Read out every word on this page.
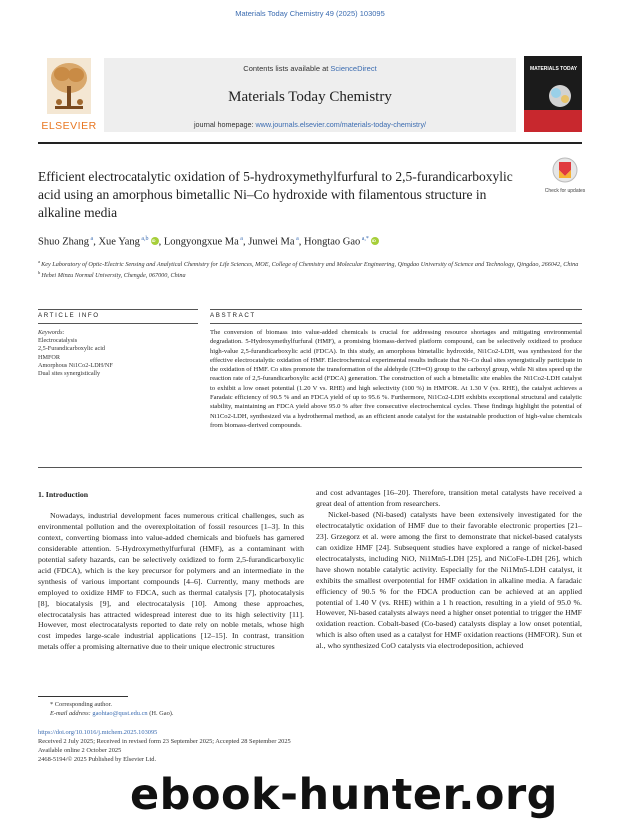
Materials Today Chemistry 49 (2025) 103095
ELSEVIER
Contents lists available at ScienceDirect
Materials Today Chemistry
journal homepage: www.journals.elsevier.com/materials-today-chemistry/
MATERIALS TODAY
Efficient electrocatalytic oxidation of 5-hydroxymethylfurfural to 2,5-furandicarboxylic acid using an amorphous bimetallic Ni–Co hydroxide with filamentous structure in alkaline media
Check for updates
Shuo Zhang $^a$, Xue Yang $^{a,b}$iD , Longyongxue Ma $^a$, Junwei Ma $^a$, Hongtao Gao $^{a,*}$iD
$^a$ Key Laboratory of Optic-Electric Sensing and Analytical Chemistry for Life Sciences, MOE, College of Chemistry and Molecular Engineering, Qingdao University of Science and Technology, Qingdao, 266042, China
$^b$ Hebei Minzu Normal University, Chengde, 067000, China
ARTICLE INFO	ABSTRACT
Keywords:
Electrocatalysis
2,5-Furandicarboxylic acid
HMFOR
Amorphous Ni1Co2-LDH/NF
Dual sites synergistically
The conversion of biomass into value-added chemicals is crucial for addressing resource shortages and mitigating environmental degradation. 5-Hydroxymethylfurfural (HMF), a promising biomass-derived platform compound, can be selectively oxidized to produce high-value 2,5-furandicarboxylic acid (FDCA). In this study, an amorphous bimetallic hydroxide, Ni1Co2-LDH, was synthesized for the effective electrocatalytic oxidation of HMF. Electrochemical experimental results indicate that Ni–Co dual sites synergistically participate in the oxidation of HMF. Co sites promote the transformation of the aldehyde (CH═O) group to the carboxyl group, while Ni sites speed up the reaction rate of 2,5-furandicarboxylic acid (FDCA) generation. The construction of such a bimetallic site enables the Ni1Co2-LDH catalyst to exhibit a low onset potential (1.20 V vs. RHE) and high selectivity (100 %) in HMFOR. At 1.30 V (vs. RHE), the catalyst achieves a Faradaic efficiency of 90.5 % and an FDCA yield of up to 95.6 %. Furthermore, Ni1Co2-LDH exhibits exceptional structural and catalytic stability, maintaining an FDCA yield above 95.0 % after five consecutive electrochemical cycles. These findings highlight the potential of Ni1Co2-LDH, synthesized via a hydrothermal method, as an efficient anode catalyst for the sustainable production of high-value chemicals from biomass-derived compounds.
1. Introduction

Nowadays, industrial development faces numerous critical challenges, such as environmental pollution and the overexploitation of fossil resources [1–3]. In this context, converting biomass into value-added chemicals and biofuels has garnered considerable attention. 5-Hydroxymethylfurfural (HMF), as a contaminant with potential safety hazards, can be selectively oxidized to form 2,5-furandicarboxylic acid (FDCA), which is the key precursor for polymers and an intermediate in the synthesis of various important compounds [4–6]. Currently, many methods are employed to oxidize HMF to FDCA, such as thermal catalysis [7], photocatalysis [8], biocatalysis [9], and electrocatalysis [10]. Among these approaches, electrocatalysis has attracted widespread interest due to its high selectivity [11]. However, most electrocatalysts reported to date rely on noble metals, whose high cost impedes large-scale industrial applications [12–15]. In contrast, transition metals offer a promising alternative due to their unique electronic structures

and cost advantages [16–20]. Therefore, transition metal catalysts have received a great deal of attention from researchers.

Nickel-based (Ni-based) catalysts have been extensively investigated for the electrocatalytic oxidation of HMF due to their favorable electronic properties [21–23]. Grzegorz et al. were among the first to demonstrate that nickel-based catalysts can oxidize HMF [24]. Subsequent studies have explored a range of nickel-based electrocatalysts, including NiO, Ni1Mn5-LDH [25], and NiCoFe-LDH [26], which have shown notable catalytic activity. Especially for the Ni1Mn5-LDH catalyst, it exhibits the smallest overpotential for HMF oxidation in alkaline media. A faradaic efficiency of 90.5 % for the FDCA production can be achieved at an applied potential of 1.40 V (vs. RHE) within a 1 h reaction, resulting in a yield of 95.0 %. However, Ni-based catalysts always need a higher onset potential to trigger the HMF oxidation reaction. Cobalt-based (Co-based) catalysts display a low onset potential, which is also often used as a catalyst for HMF oxidation reactions (HMFOR). Sun et al., who synthesized CoO catalysts via electrodeposition, achieved

* Corresponding author.
E-mail address: gaohtao@qust.edu.cn (H. Gao).
https://doi.org/10.1016/j.mtchem.2025.103095
Received 2 July 2025; Received in revised form 23 September 2025; Accepted 28 September 2025
Available online 2 October 2025
2468-5194/© 2025 Published by Elsevier Ltd.
ebook-hunter.org
